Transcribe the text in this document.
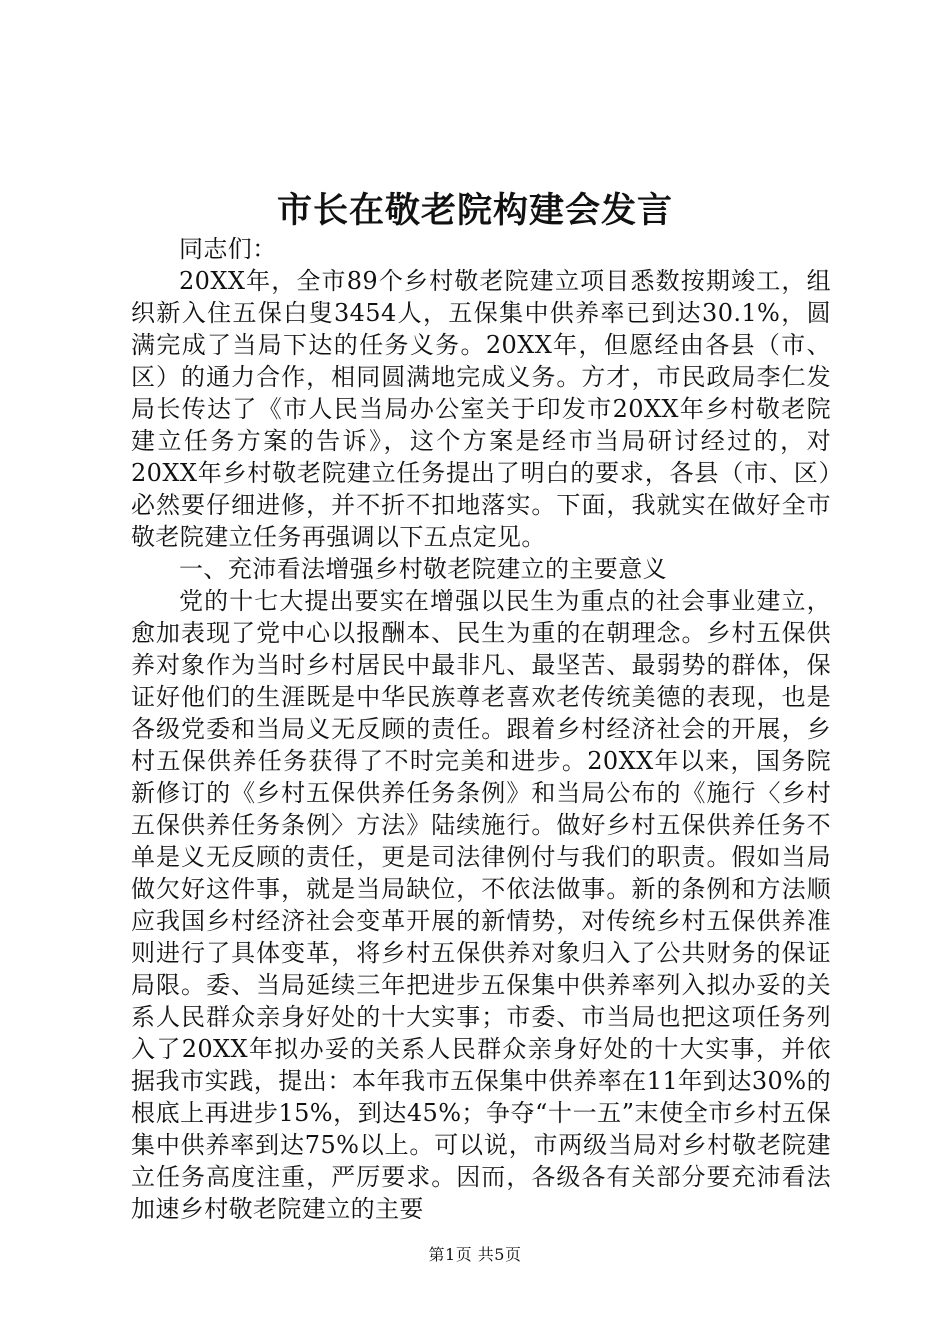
市长在敬老院构建会发言

同志们：

20XX年，全市89个乡村敬老院建立项目悉数按期竣工，组织新入住五保白叟3454人，五保集中供养率已到达30.1%，圆满完成了当局下达的任务义务。20XX年，但愿经由各县（市、区）的通力合作，相同圆满地完成义务。方才，市民政局李仁发局长传达了《市人民当局办公室关于印发市20XX年乡村敬老院建立任务方案的告诉》，这个方案是经市当局研讨经过的，对20XX年乡村敬老院建立任务提出了明白的要求，各县（市、区）必然要仔细进修，并不折不扣地落实。下面，我就实在做好全市敬老院建立任务再强调以下五点定见。

一、充沛看法增强乡村敬老院建立的主要意义

党的十七大提出要实在增强以民生为重点的社会事业建立，愈加表现了党中心以报酬本、民生为重的在朝理念。乡村五保供养对象作为当时乡村居民中最非凡、最坚苦、最弱势的群体，保证好他们的生涯既是中华民族尊老喜欢老传统美德的表现，也是各级党委和当局义无反顾的责任。跟着乡村经济社会的开展，乡村五保供养任务获得了不时完美和进步。20XX年以来，国务院新修订的《乡村五保供养任务条例》和当局公布的《施行〈乡村五保供养任务条例〉方法》陆续施行。做好乡村五保供养任务不单是义无反顾的责任，更是司法律例付与我们的职责。假如当局做欠好这件事，就是当局缺位，不依法做事。新的条例和方法顺应我国乡村经济社会变革开展的新情势，对传统乡村五保供养准则进行了具体变革，将乡村五保供养对象归入了公共财务的保证局限。委、当局延续三年把进步五保集中供养率列入拟办妥的关系人民群众亲身好处的十大实事；市委、市当局也把这项任务列入了20XX年拟办妥的关系人民群众亲身好处的十大实事，并依据我市实践，提出：本年我市五保集中供养率在11年到达30%的根底上再进步15%，到达45%；争夺“十一五”末使全市乡村五保集中供养率到达75%以上。可以说，市两级当局对乡村敬老院建立任务高度注重，严厉要求。因而，各级各有关部分要充沛看法加速乡村敬老院建立的主要

第1页 共5页
